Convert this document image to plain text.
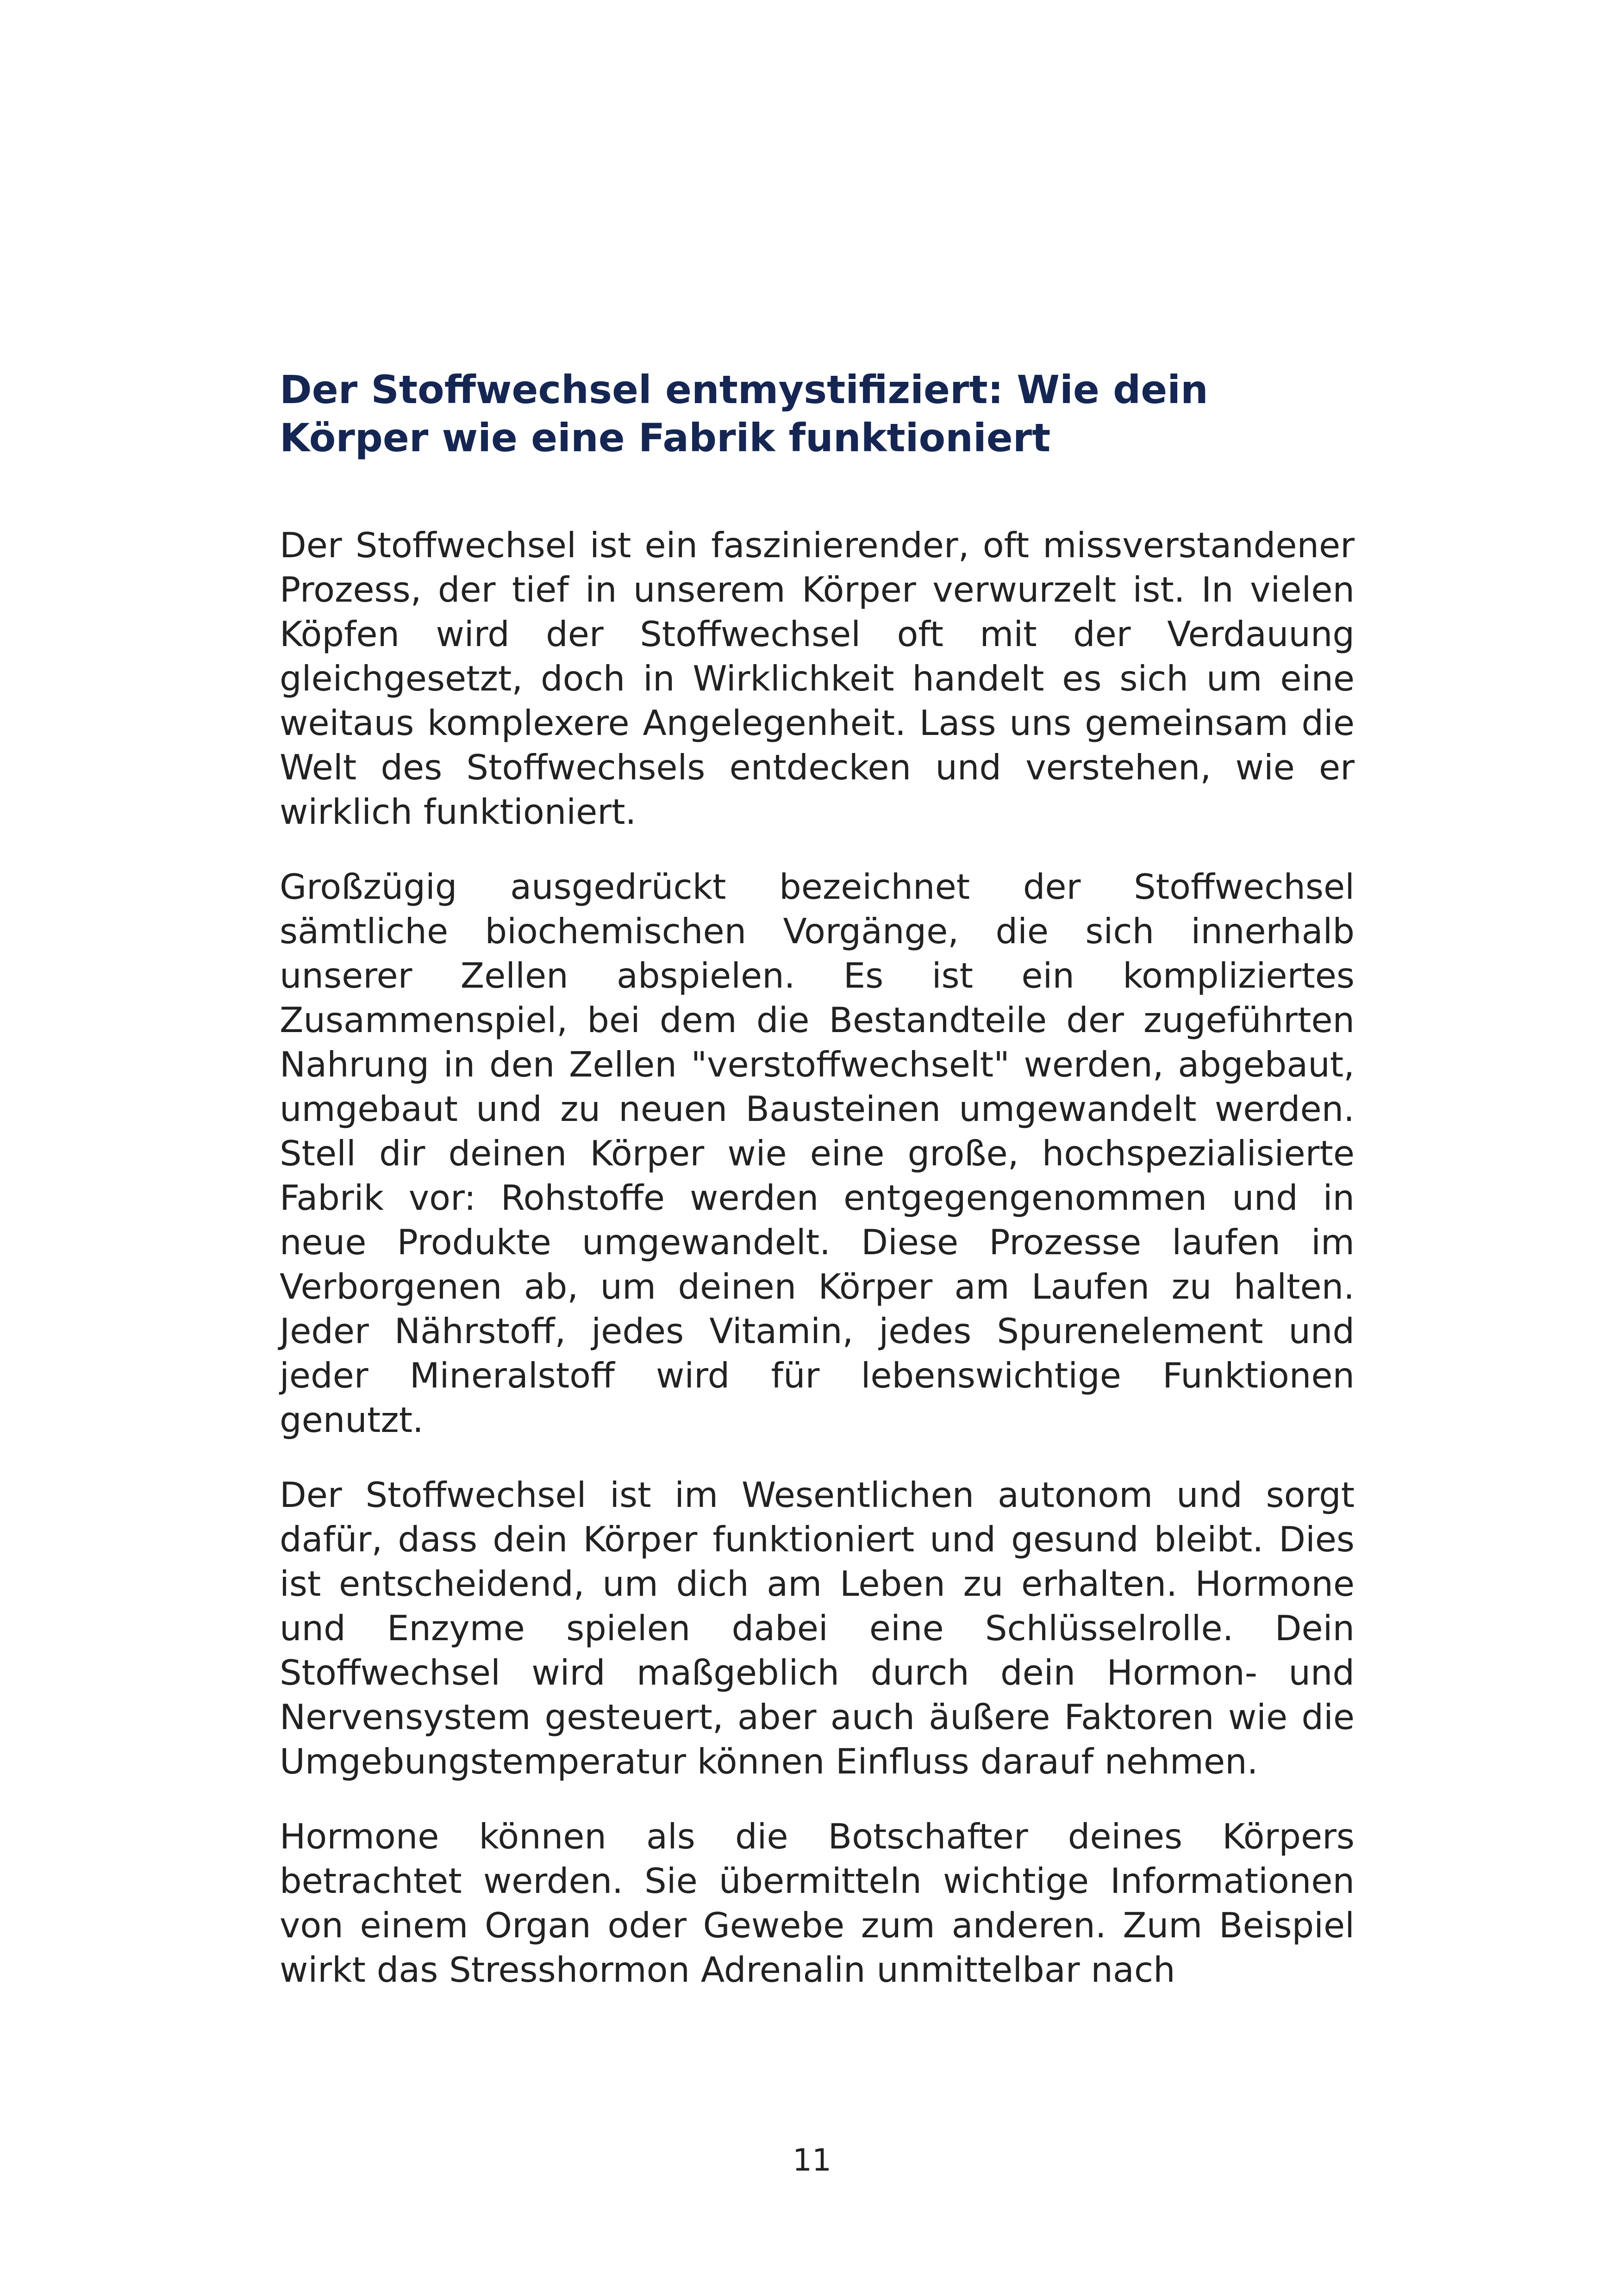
Der Stoffwechsel entmystifiziert: Wie dein Körper wie eine Fabrik funktioniert

Der Stoffwechsel ist ein faszinierender, oft missverstandener Prozess, der tief in unserem Körper verwurzelt ist. In vielen Köpfen wird der Stoffwechsel oft mit der Verdauung gleichgesetzt, doch in Wirklichkeit handelt es sich um eine weitaus komplexere Angelegenheit. Lass uns gemeinsam die Welt des Stoffwechsels entdecken und verstehen, wie er wirklich funktioniert.

Großzügig ausgedrückt bezeichnet der Stoffwechsel sämtliche biochemischen Vorgänge, die sich innerhalb unserer Zellen abspielen. Es ist ein kompliziertes Zusammenspiel, bei dem die Bestandteile der zugeführten Nahrung in den Zellen "verstoffwechselt" werden, abgebaut, umgebaut und zu neuen Bausteinen umgewandelt werden. Stell dir deinen Körper wie eine große, hochspezialisierte Fabrik vor: Rohstoffe werden entgegengenommen und in neue Produkte umgewandelt. Diese Prozesse laufen im Verborgenen ab, um deinen Körper am Laufen zu halten. Jeder Nährstoff, jedes Vitamin, jedes Spurenelement und jeder Mineralstoff wird für lebenswichtige Funktionen genutzt.

Der Stoffwechsel ist im Wesentlichen autonom und sorgt dafür, dass dein Körper funktioniert und gesund bleibt. Dies ist entscheidend, um dich am Leben zu erhalten. Hormone und Enzyme spielen dabei eine Schlüsselrolle. Dein Stoffwechsel wird maßgeblich durch dein Hormon- und Nervensystem gesteuert, aber auch äußere Faktoren wie die Umgebungstemperatur können Einfluss darauf nehmen.

Hormone können als die Botschafter deines Körpers betrachtet werden. Sie übermitteln wichtige Informationen von einem Organ oder Gewebe zum anderen. Zum Beispiel wirkt das Stresshormon Adrenalin unmittelbar nach

11
